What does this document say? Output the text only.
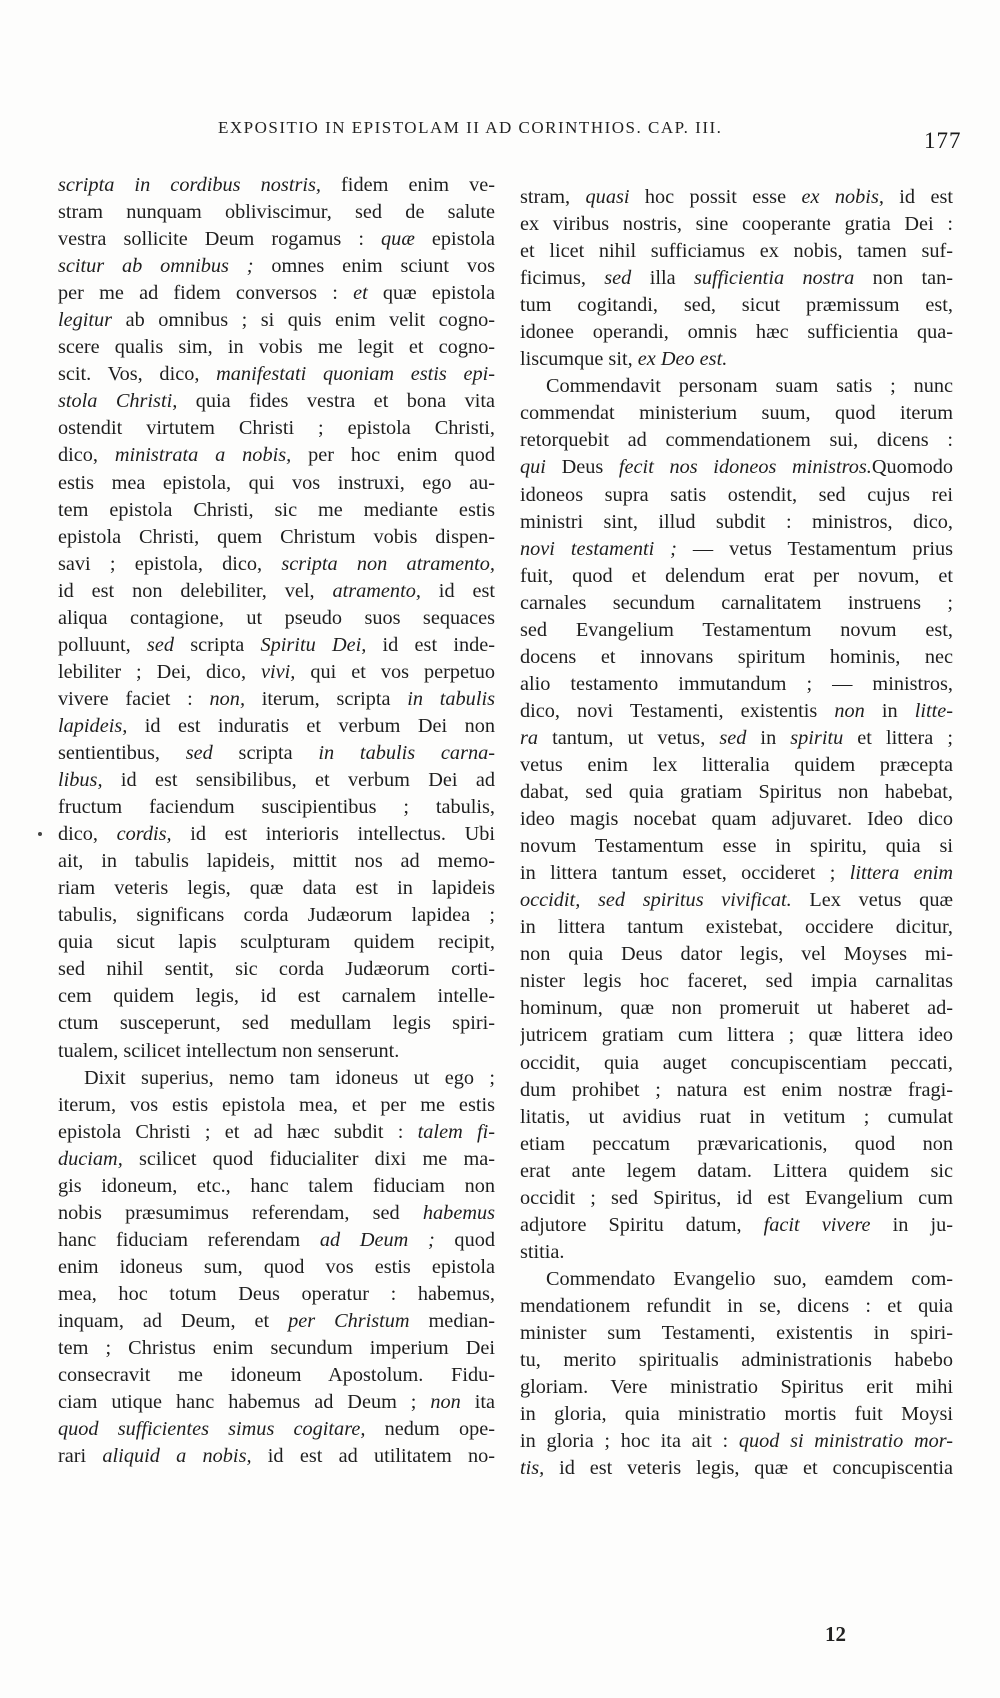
EXPOSITIO IN EPISTOLAM II AD CORINTHIOS. CAP. III.
177
scripta in cordibus nostris, fidem enim ve-
stram nunquam obliviscimur, sed de salute
vestra sollicite Deum rogamus : quæ epistola
scitur ab omnibus ; omnes enim sciunt vos
per me ad fidem conversos : et quæ epistola
legitur ab omnibus ; si quis enim velit cogno-
scere qualis sim, in vobis me legit et cogno-
scit. Vos, dico, manifestati quoniam estis epi-
stola Christi, quia fides vestra et bona vita
ostendit virtutem Christi ; epistola Christi,
dico, ministrata a nobis, per hoc enim quod
estis mea epistola, qui vos instruxi, ego au-
tem epistola Christi, sic me mediante estis
epistola Christi, quem Christum vobis dispen-
savi ; epistola, dico, scripta non atramento,
id est non delebiliter, vel, atramento, id est
aliqua contagione, ut pseudo suos sequaces
polluunt, sed scripta Spiritu Dei, id est inde-
lebiliter ; Dei, dico, vivi, qui et vos perpetuo
vivere faciet : non, iterum, scripta in tabulis
lapideis, id est induratis et verbum Dei non
sentientibus, sed scripta in tabulis carna-
libus, id est sensibilibus, et verbum Dei ad
fructum faciendum suscipientibus ; tabulis,
dico, cordis, id est interioris intellectus. Ubi
ait, in tabulis lapideis, mittit nos ad memo-
riam veteris legis, quæ data est in lapideis
tabulis, significans corda Judæorum lapidea ;
quia sicut lapis sculpturam quidem recipit,
sed nihil sentit, sic corda Judæorum corti-
cem quidem legis, id est carnalem intelle-
ctum susceperunt, sed medullam legis spiri-
tualem, scilicet intellectum non senserunt.
Dixit superius, nemo tam idoneus ut ego ;
iterum, vos estis epistola mea, et per me estis
epistola Christi ; et ad hæc subdit : talem fi-
duciam, scilicet quod fiducialiter dixi me ma-
gis idoneum, etc., hanc talem fiduciam non
nobis præsumimus referendam, sed habemus
hanc fiduciam referendam ad Deum ; quod
enim idoneus sum, quod vos estis epistola
mea, hoc totum Deus operatur : habemus,
inquam, ad Deum, et per Christum median-
tem ; Christus enim secundum imperium Dei
consecravit me idoneum Apostolum. Fidu-
ciam utique hanc habemus ad Deum ; non ita
quod sufficientes simus cogitare, nedum ope-
rari aliquid a nobis, id est ad utilitatem no-
stram, quasi hoc possit esse ex nobis, id est
ex viribus nostris, sine cooperante gratia Dei :
et licet nihil sufficiamus ex nobis, tamen suf-
ficimus, sed illa sufficientia nostra non tan-
tum cogitandi, sed, sicut præmissum est,
idonee operandi, omnis hæc sufficientia qua-
liscumque sit, ex Deo est.
Commendavit personam suam satis ; nunc
commendat ministerium suum, quod iterum
retorquebit ad commendationem sui, dicens :
qui Deus fecit nos idoneos ministros.Quomodo
idoneos supra satis ostendit, sed cujus rei
ministri sint, illud subdit : ministros, dico,
novi testamenti ; — vetus Testamentum prius
fuit, quod et delendum erat per novum, et
carnales secundum carnalitatem instruens ;
sed Evangelium Testamentum novum est,
docens et innovans spiritum hominis, nec
alio testamento immutandum ; — ministros,
dico, novi Testamenti, existentis non in litte-
ra tantum, ut vetus, sed in spiritu et littera ;
vetus enim lex litteralia quidem præcepta
dabat, sed quia gratiam Spiritus non habebat,
ideo magis nocebat quam adjuvaret. Ideo dico
novum Testamentum esse in spiritu, quia si
in littera tantum esset, occideret ; littera enim
occidit, sed spiritus vivificat. Lex vetus quæ
in littera tantum existebat, occidere dicitur,
non quia Deus dator legis, vel Moyses mi-
nister legis hoc faceret, sed impia carnalitas
hominum, quæ non promeruit ut haberet ad-
jutricem gratiam cum littera ; quæ littera ideo
occidit, quia auget concupiscentiam peccati,
dum prohibet ; natura est enim nostræ fragi-
litatis, ut avidius ruat in vetitum ; cumulat
etiam peccatum prævaricationis, quod non
erat ante legem datam. Littera quidem sic
occidit ; sed Spiritus, id est Evangelium cum
adjutore Spiritu datum, facit vivere in ju-
stitia.
Commendato Evangelio suo, eamdem com-
mendationem refundit in se, dicens : et quia
minister sum Testamenti, existentis in spiri-
tu, merito spiritualis administrationis habebo
gloriam. Vere ministratio Spiritus erit mihi
in gloria, quia ministratio mortis fuit Moysi
in gloria ; hoc ita ait : quod si ministratio mor-
tis, id est veteris legis, quæ et concupiscentia
12
